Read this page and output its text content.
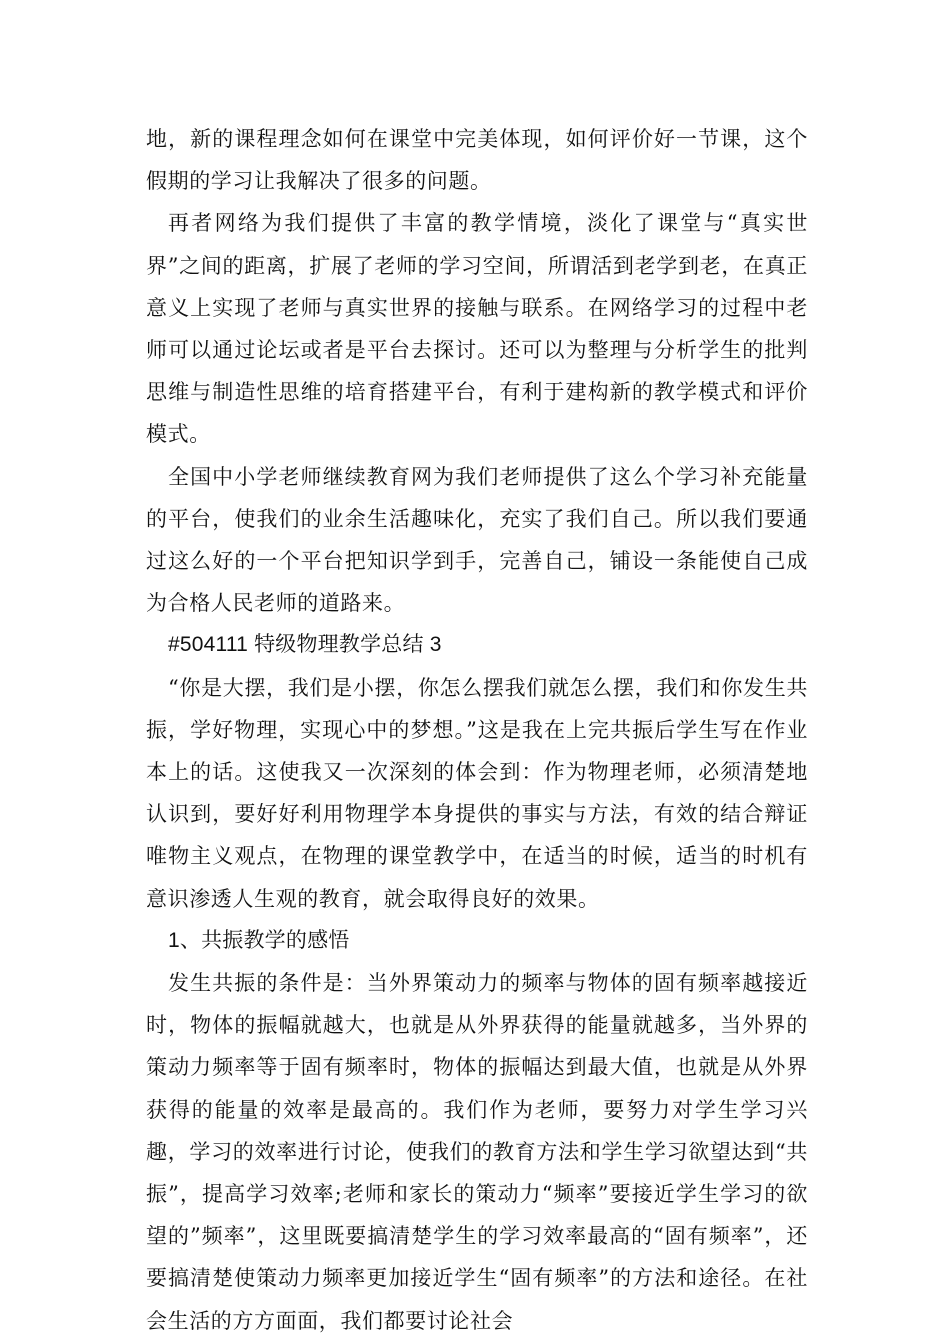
地，新的课程理念如何在课堂中完美体现，如何评价好一节课，这个假期的学习让我解决了很多的问题。

再者网络为我们提供了丰富的教学情境，淡化了课堂与“真实世界”之间的距离，扩展了老师的学习空间，所谓活到老学到老，在真正意义上实现了老师与真实世界的接触与联系。在网络学习的过程中老师可以通过论坛或者是平台去探讨。还可以为整理与分析学生的批判思维与制造性思维的培育搭建平台，有利于建构新的教学模式和评价模式。

全国中小学老师继续教育网为我们老师提供了这么个学习补充能量的平台，使我们的业余生活趣味化，充实了我们自己。所以我们要通过这么好的一个平台把知识学到手，完善自己，铺设一条能使自己成为合格人民老师的道路来。

#504111 特级物理教学总结 3

“你是大摆，我们是小摆，你怎么摆我们就怎么摆，我们和你发生共振，学好物理，实现心中的梦想。”这是我在上完共振后学生写在作业本上的话。这使我又一次深刻的体会到：作为物理老师，必须清楚地认识到，要好好利用物理学本身提供的事实与方法，有效的结合辩证唯物主义观点，在物理的课堂教学中，在适当的时候，适当的时机有意识渗透人生观的教育，就会取得良好的效果。

1、共振教学的感悟

发生共振的条件是：当外界策动力的频率与物体的固有频率越接近时，物体的振幅就越大，也就是从外界获得的能量就越多，当外界的策动力频率等于固有频率时，物体的振幅达到最大值，也就是从外界获得的能量的效率是最高的。我们作为老师，要努力对学生学习兴趣，学习的效率进行讨论，使我们的教育方法和学生学习欲望达到“共振”，提高学习效率;老师和家长的策动力“频率”要接近学生学习的欲望的”频率”，这里既要搞清楚学生的学习效率最高的“固有频率”，还要搞清楚使策动力频率更加接近学生“固有频率”的方法和途径。在社会生活的方方面面，我们都要讨论社会
